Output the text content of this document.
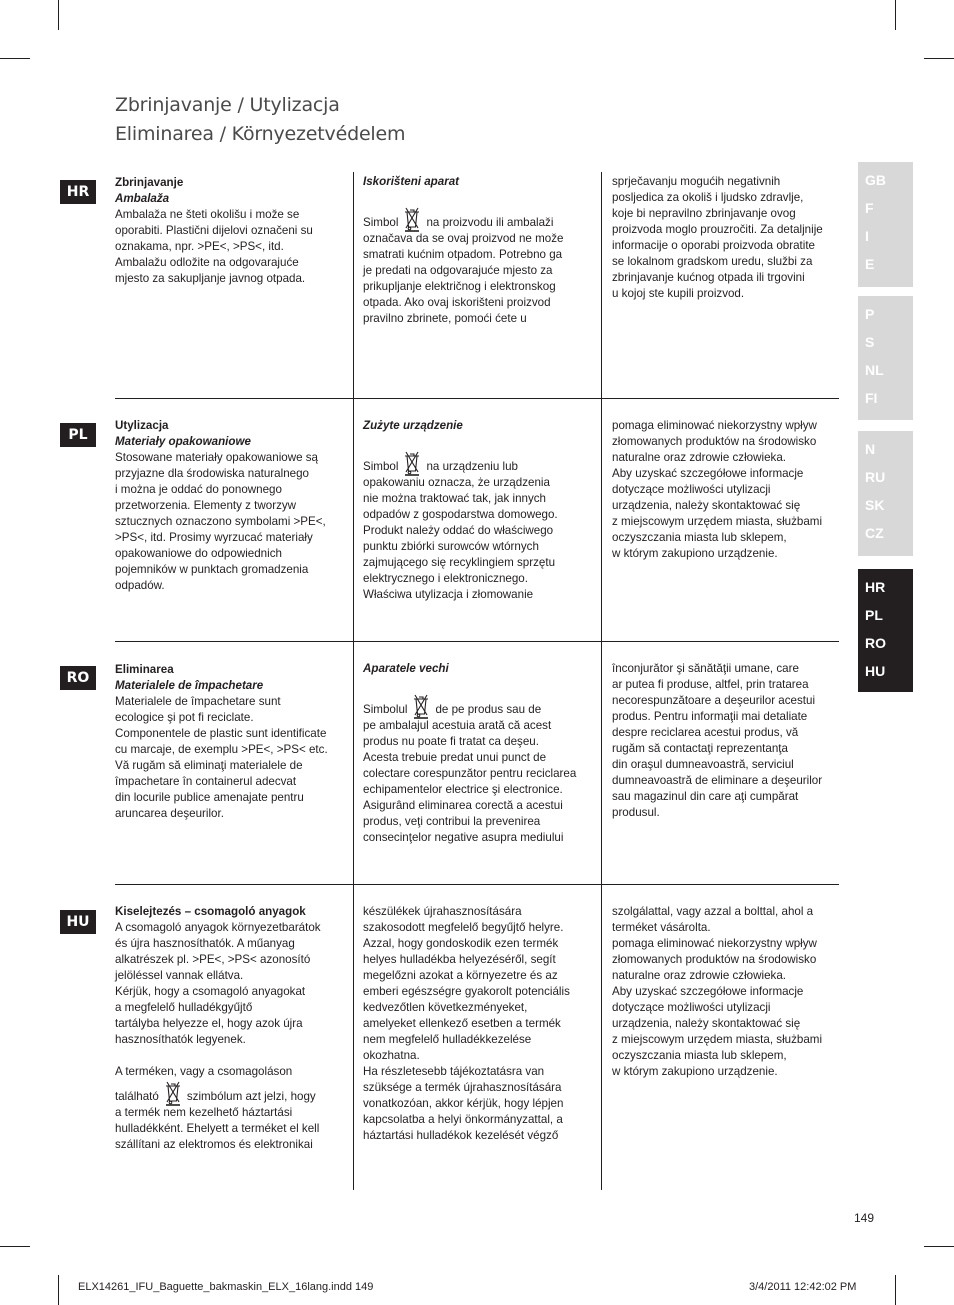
Zbrinjavanje / Utylizacja
Eliminarea / Környezetvédelem
HR

Zbrinjavanje

Ambalaža

Ambalaža ne šteti okolišu i može se
oporabiti. Plastični dijelovi označeni su
oznakama, npr. >PE<, >PS<, itd.
Ambalažu odložite na odgovarajuće
mjesto za sakupljanje javnog otpada.

Iskorišteni aparat

Simbol na proizvodu ili ambalaži

označava da se ovaj proizvod ne može
smatrati kućnim otpadom. Potrebno ga
je predati na odgovarajuće mjesto za
prikupljanje električnog i elektronskog
otpada. Ako ovaj iskorišteni proizvod
pravilno zbrinete, pomoći ćete u

sprječavanju mogućih negativnih
posljedica za okoliš i ljudsko zdravlje,
koje bi nepravilno zbrinjavanje ovog
proizvoda moglo prouzročiti. Za detaljnije
informacije o oporabi proizvoda obratite
se lokalnom gradskom uredu, službi za
zbrinjavanje kućnog otpada ili trgovini
u kojoj ste kupili proizvod.

PL

Utylizacja

Materiały opakowaniowe

Stosowane materiały opakowaniowe są
przyjazne dla środowiska naturalnego
i można je oddać do ponownego
przetworzenia. Elementy z tworzyw
sztucznych oznaczono symbolami >PE<,
>PS<, itd. Prosimy wyrzucać materiały
opakowaniowe do odpowiednich
pojemników w punktach gromadzenia
odpadów.

Zużyte urządzenie

Simbol na urządzeniu lub

opakowaniu oznacza, że urządzenia
nie można traktować tak, jak innych
odpadów z gospodarstwa domowego.
Produkt należy oddać do właściwego
punktu zbiórki surowców wtórnych
zajmującego się recyklingiem sprzętu
elektrycznego i elektronicznego.
Właściwa utylizacja i złomowanie

pomaga eliminować niekorzystny wpływ
złomowanych produktów na środowisko
naturalne oraz zdrowie człowieka.
Aby uzyskać szczegółowe informacje
dotyczące możliwości utylizacji
urządzenia, należy skontaktować się
z miejscowym urzędem miasta, służbami
oczyszczania miasta lub sklepem,
w którym zakupiono urządzenie.

RO

Eliminarea

Materialele de împachetare

Materialele de împachetare sunt
ecologice şi pot fi reciclate.
Componentele de plastic sunt identificate
cu marcaje, de exemplu >PE<, >PS< etc.
Vă rugăm să eliminaţi materialele de
împachetare în containerul adecvat
din locurile publice amenajate pentru
aruncarea deşeurilor.

Aparatele vechi

Simbolul de pe produs sau de

pe ambalajul acestuia arată că acest
produs nu poate fi tratat ca deşeu.
Acesta trebuie predat unui punct de
colectare corespunzător pentru reciclarea
echipamentelor electrice şi electronice.
Asigurând eliminarea corectă a acestui
produs, veţi contribui la prevenirea
consecinţelor negative asupra mediului

înconjurător şi sănătăţii umane, care
ar putea fi produse, altfel, prin tratarea
necorespunzătoare a deşeurilor acestui
produs. Pentru informaţii mai detaliate
despre reciclarea acestui produs, vă
rugăm să contactaţi reprezentanţa
din oraşul dumneavoastră, serviciul
dumneavoastră de eliminare a deşeurilor
sau magazinul din care aţi cumpărat
produsul.

HU

Kiselejtezés – csomagoló anyagok

A csomagoló anyagok környezetbarátok
és újra hasznosíthatók. A műanyag
alkatrészek pl. >PE<, >PS< azonosító
jelöléssel vannak ellátva.
Kérjük, hogy a csomagoló anyagokat
a megfelelő hulladékgyűjtő
tartályba helyezze el, hogy azok újra
hasznosíthatók legyenek.

A terméken, vagy a csomagoláson
található szimbólum azt jelzi, hogy

a termék nem kezelhető háztartási
hulladékként. Ehelyett a terméket el kell
szállítani az elektromos és elektronikai

készülékek újrahasznosítására
szakosodott megfelelő begyűjtő helyre.
Azzal, hogy gondoskodik ezen termék
helyes hulladékba helyezéséről, segít
megelőzni azokat a környezetre és az
emberi egészségre gyakorolt potenciális
kedvezőtlen következményeket,
amelyeket ellenkező esetben a termék
nem megfelelő hulladékkezelése
okozhatna.
Ha részletesebb tájékoztatásra van
szüksége a termék újrahasznosítására
vonatkozóan, akkor kérjük, hogy lépjen
kapcsolatba a helyi önkormányzattal, a
háztartási hulladékok kezelését végző

szolgálattal, vagy azzal a bolttal, ahol a
terméket vásárolta.
pomaga eliminować niekorzystny wpływ
złomowanych produktów na środowisko
naturalne oraz zdrowie człowieka.
Aby uzyskać szczegółowe informacje
dotyczące możliwości utylizacji
urządzenia, należy skontaktować się
z miejscowym urzędem miasta, służbami
oczyszczania miasta lub sklepem,
w którym zakupiono urządzenie.

GB
F
I
E
P
S
NL
FI
N
RU
SK
CZ
HR
PL
RO
HU
149
ELX14261_IFU_Baguette_bakmaskin_ELX_16lang.indd 149	3/4/2011 12:42:02 PM
